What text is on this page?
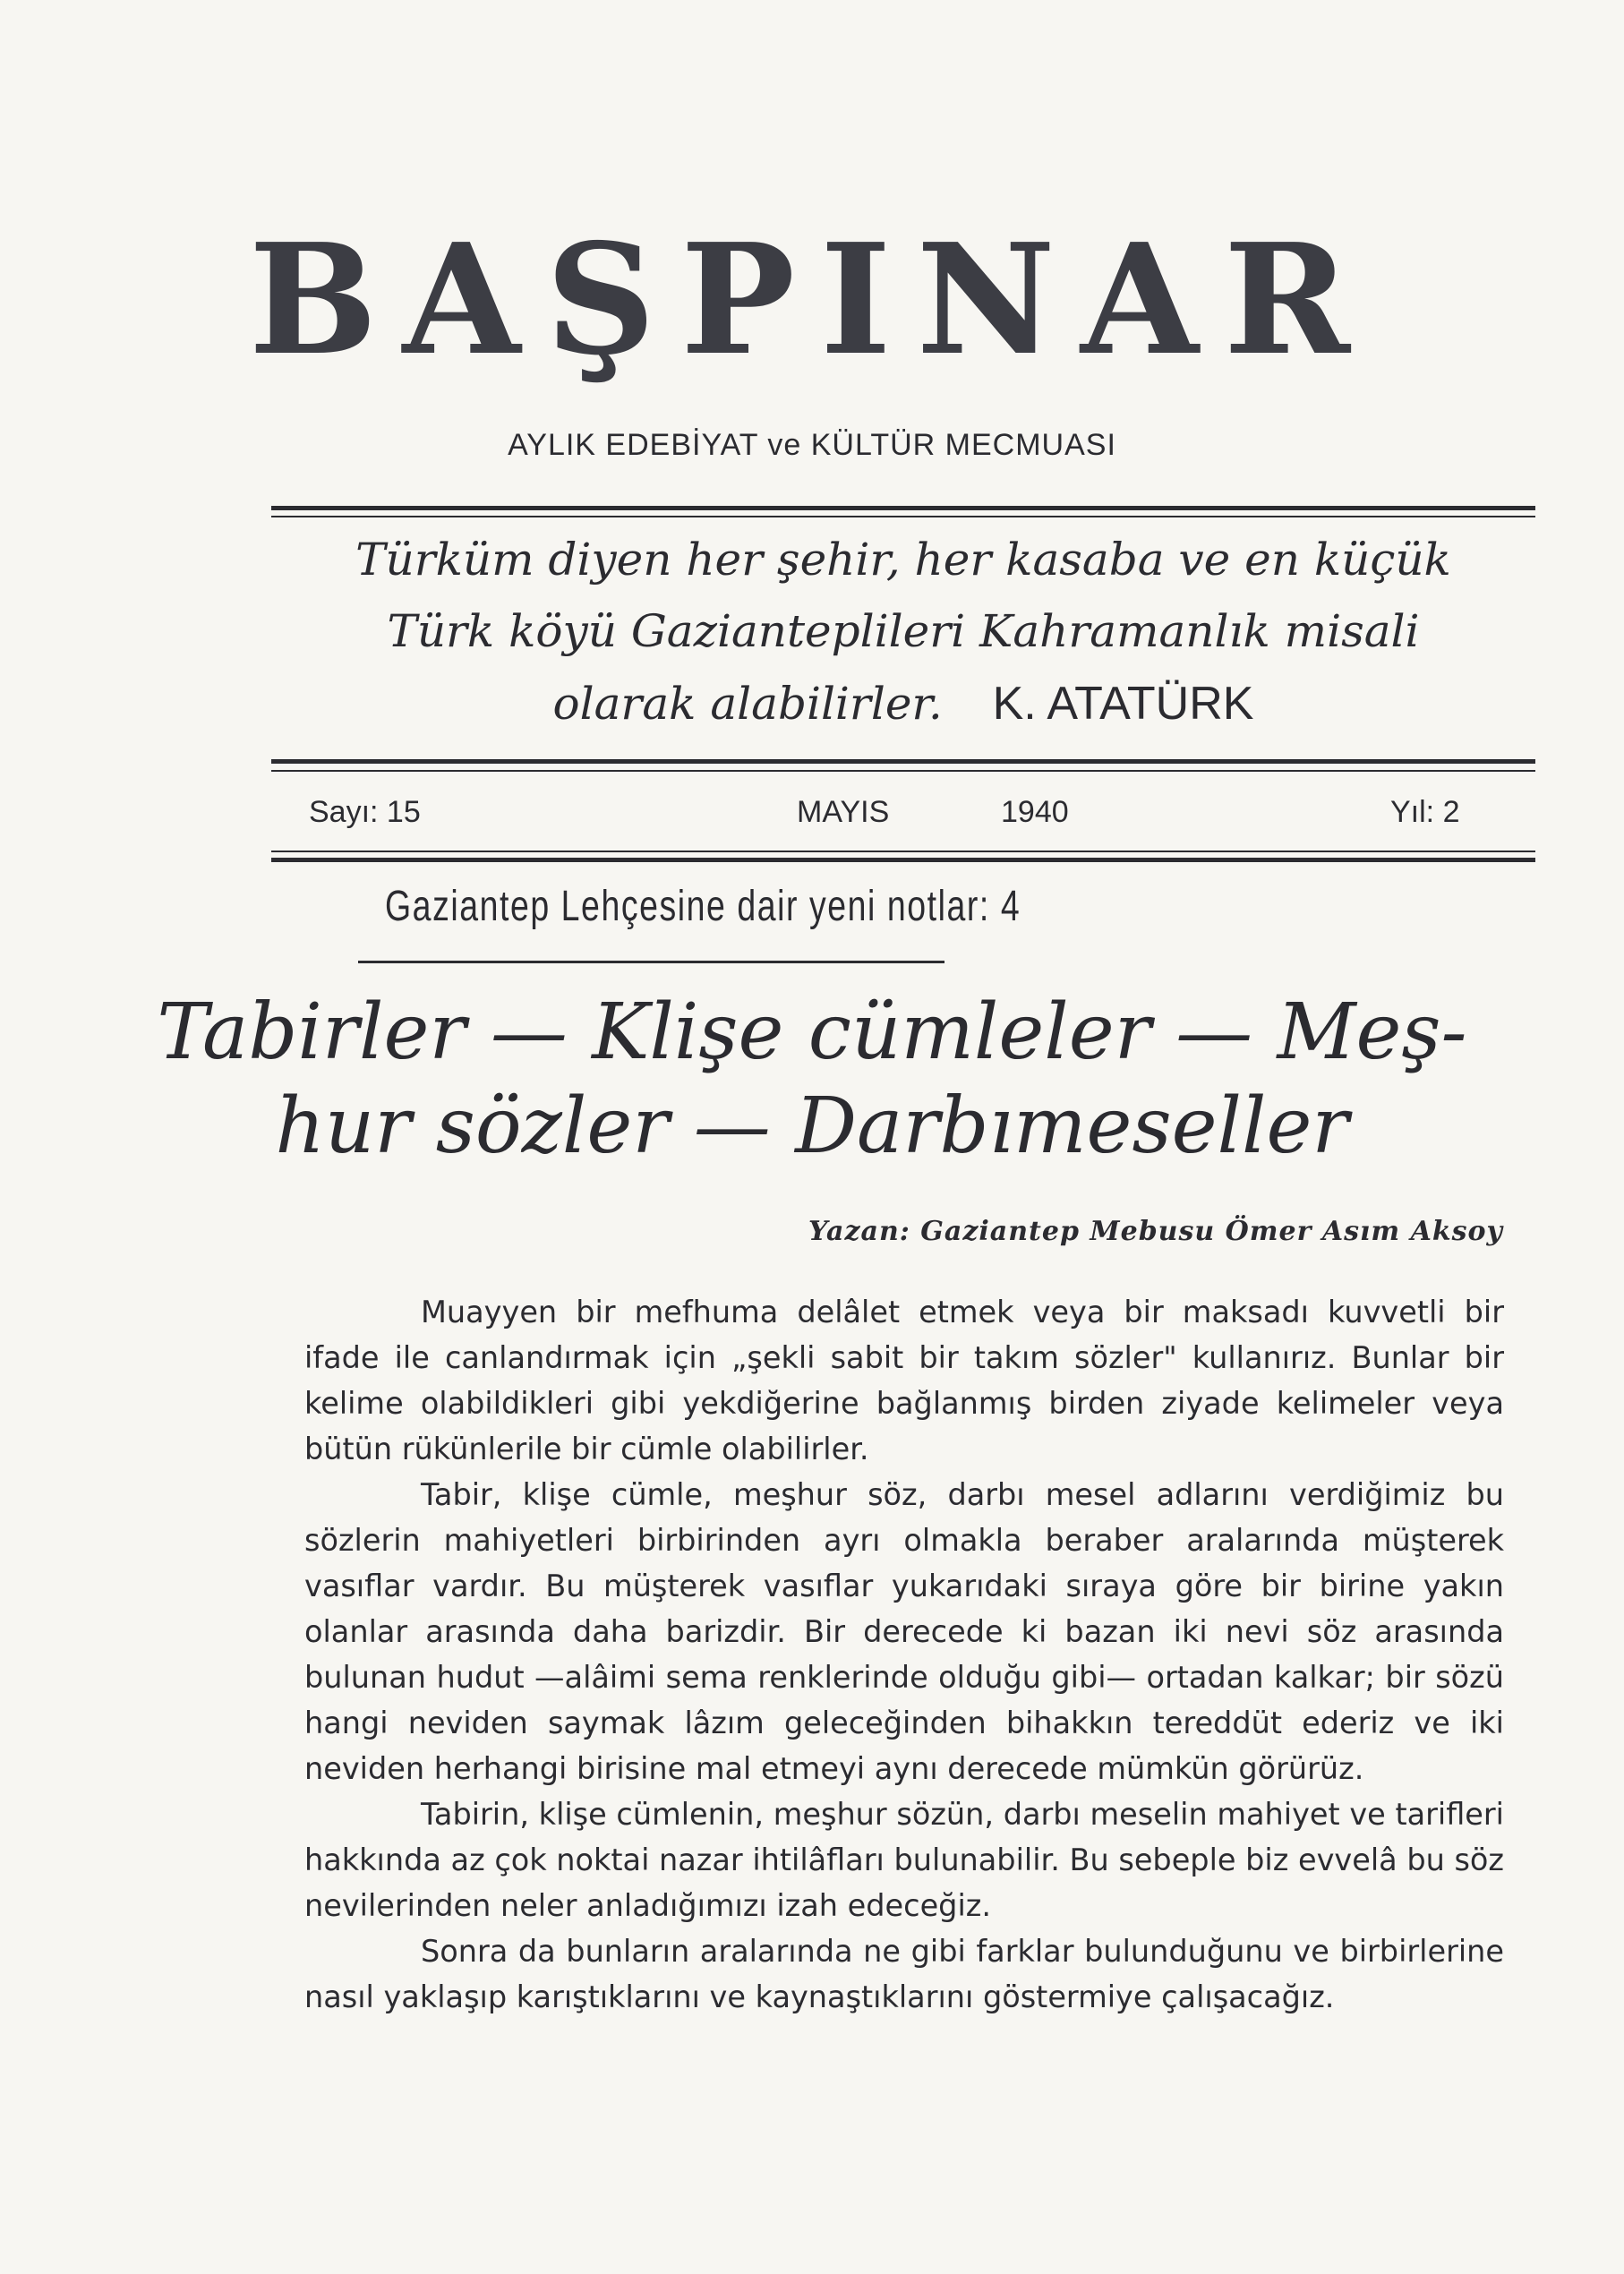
BAŞPINAR
AYLIK EDEBİYAT ve KÜLTÜR MECMUASI
Türküm diyen her şehir, her kasaba ve en küçük
Türk köyü Gazianteplileri Kahramanlık misali
olarak alabilirler. K. ATATÜRK
Sayı: 15	MAYIS	1940	Yıl: 2
Gaziantep Lehçesine dair yeni notlar: 4
Tabirler — Klişe cümleler — Meş-
hur sözler — Darbımeseller
Yazan: Gaziantep Mebusu Ömer Asım Aksoy

Muayyen bir mefhuma delâlet etmek veya bir maksadı kuvvetli bir ifade ile canlandırmak için „şekli sabit bir takım sözler" kullanırız. Bunlar bir kelime olabildikleri gibi yekdiğerine bağlanmış birden ziyade kelimeler veya bütün rükünlerile bir cümle olabilirler.

Tabir, klişe cümle, meşhur söz, darbı mesel adlarını verdiğimiz bu sözlerin mahiyetleri birbirinden ayrı olmakla beraber aralarında müşterek vasıflar vardır. Bu müşterek vasıflar yukarıdaki sıraya göre bir birine yakın olanlar arasında daha barizdir. Bir derecede ki bazan iki nevi söz arasında bulunan hudut —alâimi sema renklerinde olduğu gibi— ortadan kalkar; bir sözü hangi neviden saymak lâzım geleceğinden bihakkın tereddüt ederiz ve iki neviden herhangi birisine mal etmeyi aynı derecede mümkün görürüz.

Tabirin, klişe cümlenin, meşhur sözün, darbı meselin mahiyet ve tarifleri hakkında az çok noktai nazar ihtilâfları bulunabilir. Bu sebeple biz evvelâ bu söz nevilerinden neler anladığımızı izah edeceğiz.

Sonra da bunların aralarında ne gibi farklar bulunduğunu ve birbirlerine nasıl yaklaşıp karıştıklarını ve kaynaştıklarını göstermiye çalışacağız.
